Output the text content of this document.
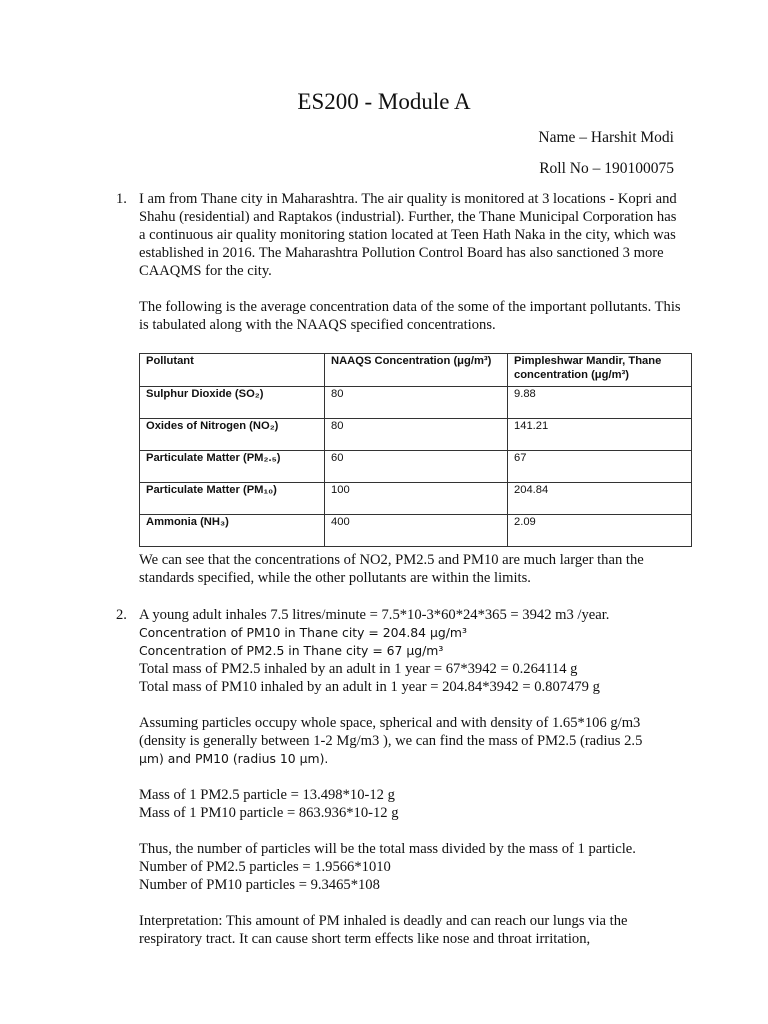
ES200 - Module A
Name – Harshit Modi
Roll No – 190100075
1. I am from Thane city in Maharashtra. The air quality is monitored at 3 locations - Kopri and Shahu (residential) and Raptakos (industrial). Further, the Thane Municipal Corporation has a continuous air quality monitoring station located at Teen Hath Naka in the city, which was established in 2016. The Maharashtra Pollution Control Board has also sanctioned 3 more CAAQMS for the city.

The following is the average concentration data of the some of the important pollutants. This is tabulated along with the NAAQS specified concentrations.

Pollutant	NAAQS Concentration (μg/m³)	Pimpleshwar Mandir, Thane concentration (μg/m³)
Sulphur Dioxide (SO₂)	80	9.88
Oxides of Nitrogen (NO₂)	80	141.21
Particulate Matter (PM₂.₅)	60	67
Particulate Matter (PM₁₀)	100	204.84
Ammonia (NH₃)	400	2.09

We can see that the concentrations of NO2, PM2.5 and PM10 are much larger than the standards specified, while the other pollutants are within the limits.

2. A young adult inhales 7.5 litres/minute = 7.5*10-3*60*24*365 = 3942 m3 /year.

Concentration of PM10 in Thane city = 204.84 μg/m³

Concentration of PM2.5 in Thane city = 67 μg/m³

Total mass of PM2.5 inhaled by an adult in 1 year = 67*3942 = 0.264114 g

Total mass of PM10 inhaled by an adult in 1 year = 204.84*3942 = 0.807479 g

Assuming particles occupy whole space, spherical and with density of 1.65*106 g/m3 (density is generally between 1-2 Mg/m3 ), we can find the mass of PM2.5 (radius 2.5

μm) and PM10 (radius 10 μm).

Mass of 1 PM2.5 particle = 13.498*10-12 g

Mass of 1 PM10 particle = 863.936*10-12 g

Thus, the number of particles will be the total mass divided by the mass of 1 particle.

Number of PM2.5 particles = 1.9566*1010

Number of PM10 particles = 9.3465*108

Interpretation: This amount of PM inhaled is deadly and can reach our lungs via the respiratory tract. It can cause short term effects like nose and throat irritation,
